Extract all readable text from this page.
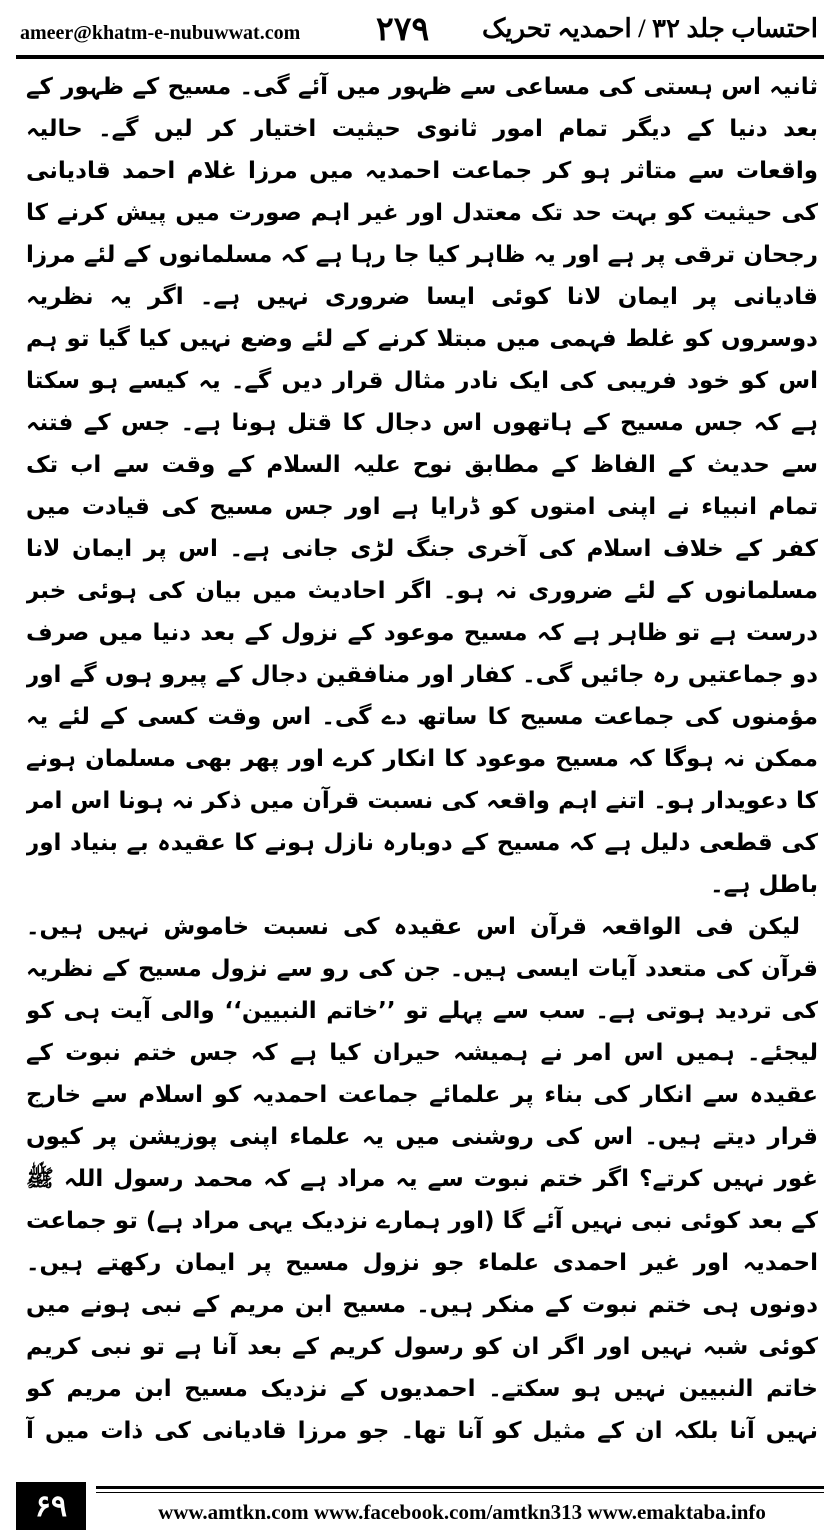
ameer@khatm-e-nubuwwat.com ۲۷۹ احتساب جلد ۳۲ / احمدیہ تحریک

ثانیہ اس ہستی کی مساعی سے ظہور میں آئے گی۔ مسیح کے ظہور کے بعد دنیا کے دیگر تمام امور ثانوی حیثیت اختیار کر لیں گے۔ حالیہ واقعات سے متاثر ہو کر جماعت احمدیہ میں مرزا غلام احمد قادیانی کی حیثیت کو بہت حد تک معتدل اور غیر اہم صورت میں پیش کرنے کا رجحان ترقی پر ہے اور یہ ظاہر کیا جا رہا ہے کہ مسلمانوں کے لئے مرزا قادیانی پر ایمان لانا کوئی ایسا ضروری نہیں ہے۔ اگر یہ نظریہ دوسروں کو غلط فہمی میں مبتلا کرنے کے لئے وضع نہیں کیا گیا تو ہم اس کو خود فریبی کی ایک نادر مثال قرار دیں گے۔ یہ کیسے ہو سکتا ہے کہ جس مسیح کے ہاتھوں اس دجال کا قتل ہونا ہے۔ جس کے فتنہ سے حدیث کے الفاظ کے مطابق نوح علیہ السلام کے وقت سے اب تک تمام انبیاء نے اپنی امتوں کو ڈرایا ہے اور جس مسیح کی قیادت میں کفر کے خلاف اسلام کی آخری جنگ لڑی جانی ہے۔ اس پر ایمان لانا مسلمانوں کے لئے ضروری نہ ہو۔ اگر احادیث میں بیان کی ہوئی خبر درست ہے تو ظاہر ہے کہ مسیح موعود کے نزول کے بعد دنیا میں صرف دو جماعتیں رہ جائیں گی۔ کفار اور منافقین دجال کے پیرو ہوں گے اور مؤمنوں کی جماعت مسیح کا ساتھ دے گی۔ اس وقت کسی کے لئے یہ ممکن نہ ہوگا کہ مسیح موعود کا انکار کرے اور پھر بھی مسلمان ہونے کا دعویدار ہو۔ اتنے اہم واقعہ کی نسبت قرآن میں ذکر نہ ہونا اس امر کی قطعی دلیل ہے کہ مسیح کے دوبارہ نازل ہونے کا عقیدہ بے بنیاد اور باطل ہے۔

لیکن فی الواقعہ قرآن اس عقیدہ کی نسبت خاموش نہیں ہیں۔ قرآن کی متعدد آیات ایسی ہیں۔ جن کی رو سے نزول مسیح کے نظریہ کی تردید ہوتی ہے۔ سب سے پہلے تو ’’خاتم النبیین‘‘ والی آیت ہی کو لیجئے۔ ہمیں اس امر نے ہمیشہ حیران کیا ہے کہ جس ختم نبوت کے عقیدہ سے انکار کی بناء پر علمائے جماعت احمدیہ کو اسلام سے خارج قرار دیتے ہیں۔ اس کی روشنی میں یہ علماء اپنی پوزیشن پر کیوں غور نہیں کرتے؟ اگر ختم نبوت سے یہ مراد ہے کہ محمد رسول اللہ ﷺ کے بعد کوئی نبی نہیں آئے گا (اور ہمارے نزدیک یہی مراد ہے) تو جماعت احمدیہ اور غیر احمدی علماء جو نزول مسیح پر ایمان رکھتے ہیں۔ دونوں ہی ختم نبوت کے منکر ہیں۔ مسیح ابن مریم کے نبی ہونے میں کوئی شبہ نہیں اور اگر ان کو رسول کریم کے بعد آنا ہے تو نبی کریم خاتم النبیین نہیں ہو سکتے۔ احمدیوں کے نزدیک مسیح ابن مریم کو نہیں آنا بلکہ ان کے مثیل کو آنا تھا۔ جو مرزا قادیانی کی ذات میں آ

۶۹	www.amtkn.com www.facebook.com/amtkn313 www.emaktaba.info
